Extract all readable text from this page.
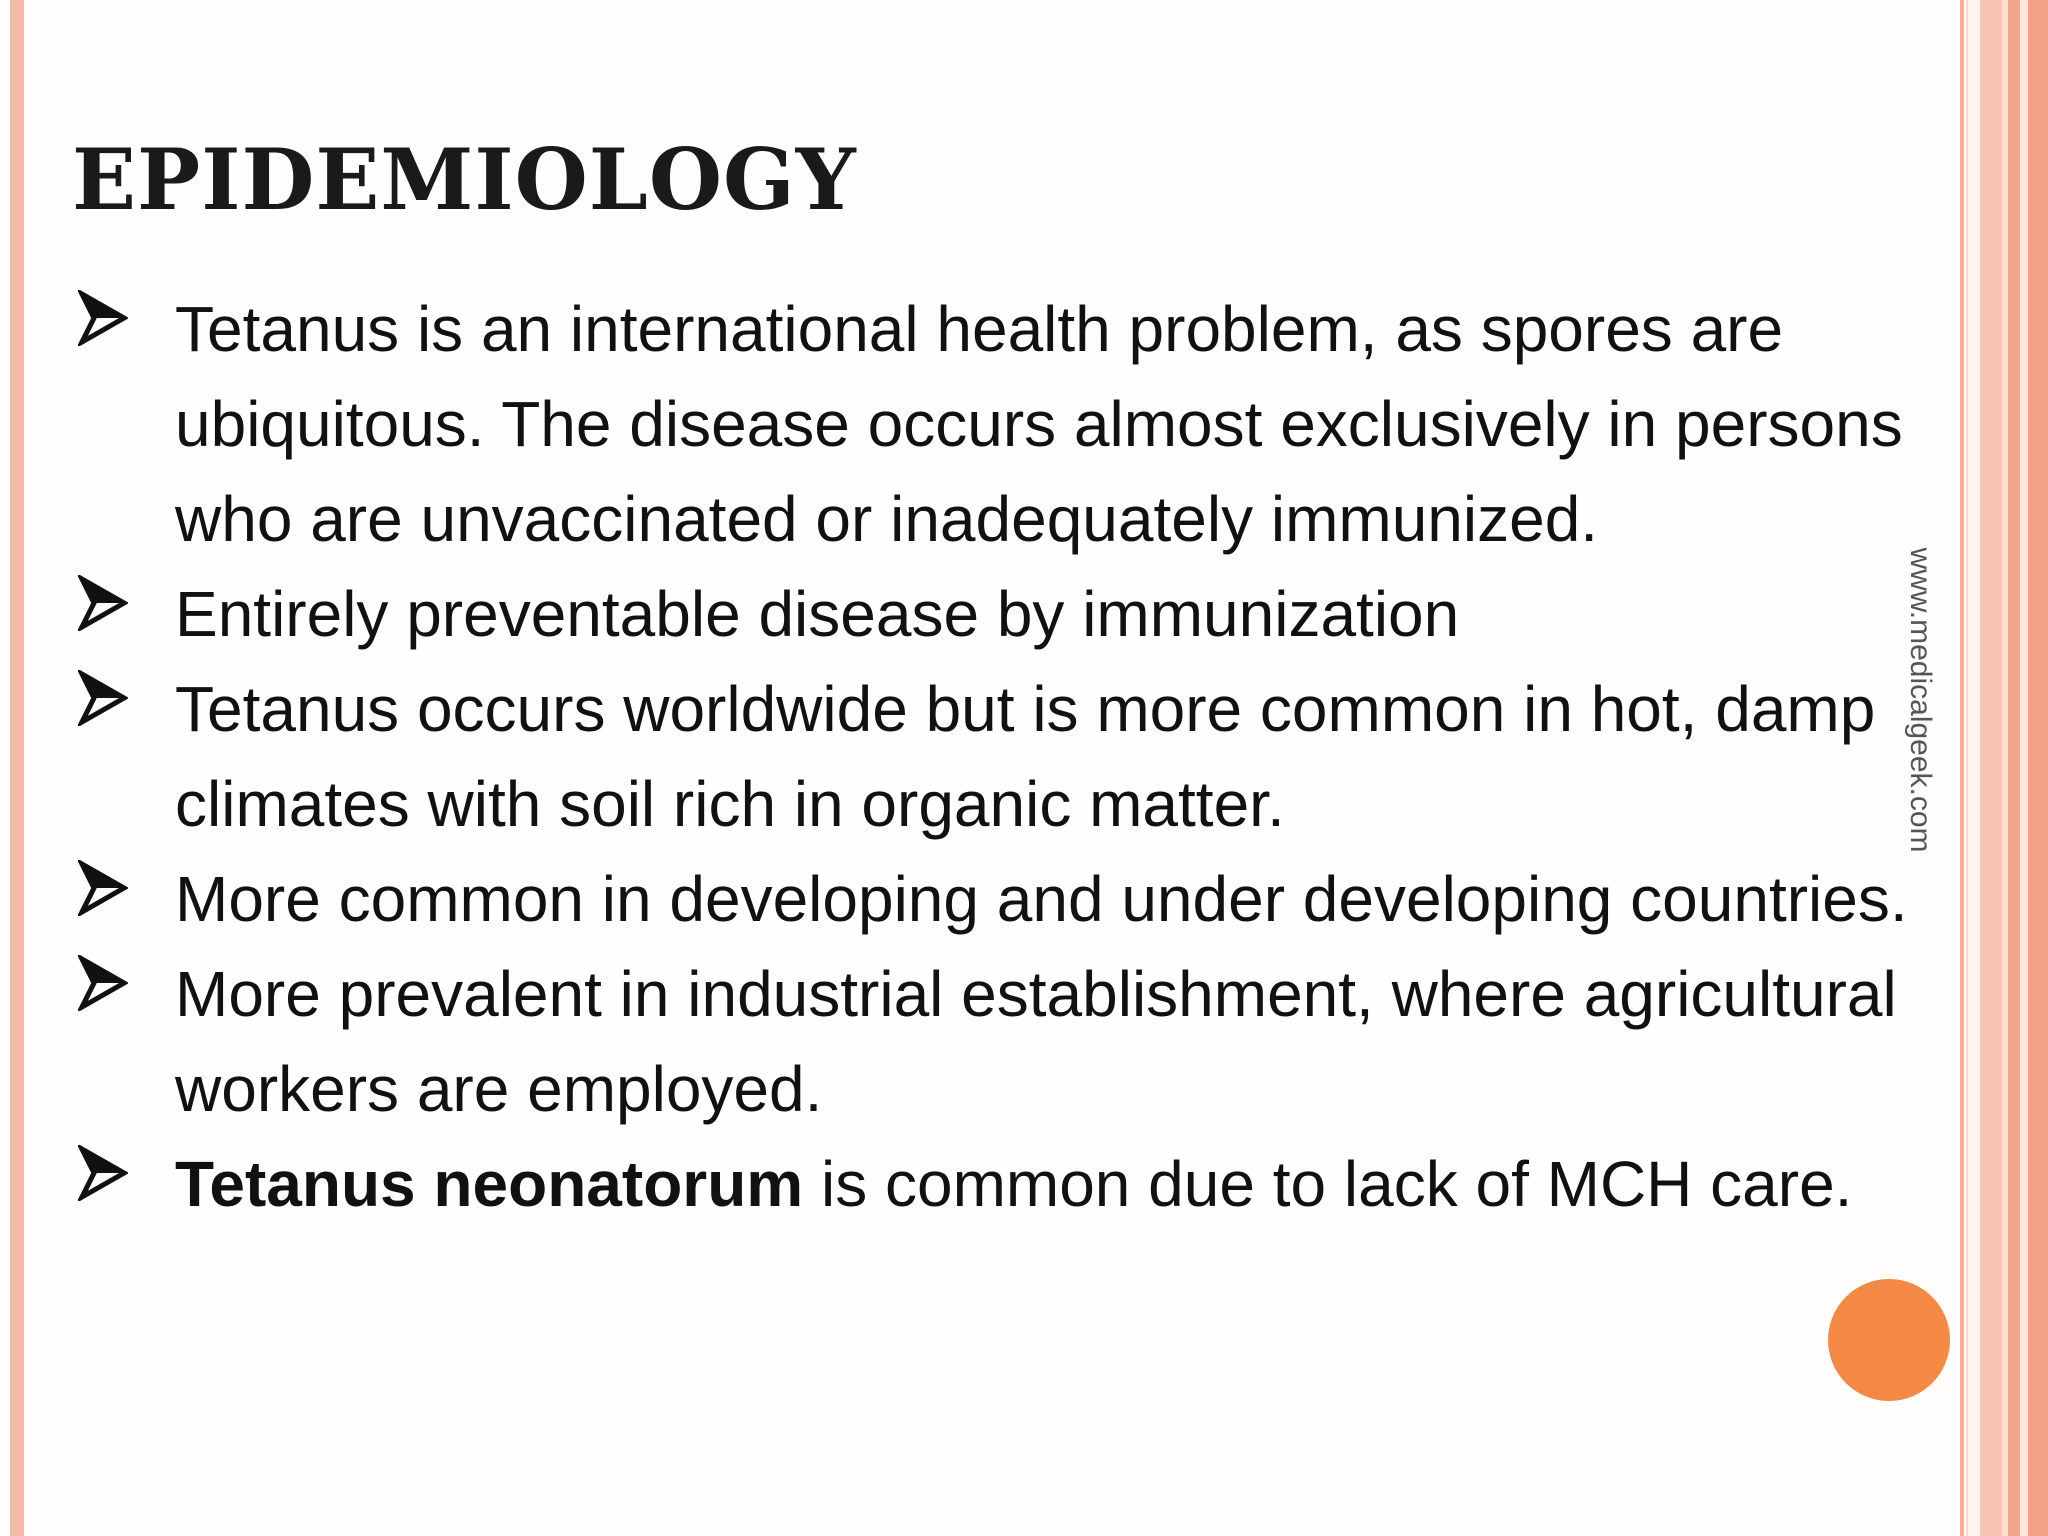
EPIDEMIOLOGY
Tetanus is an international health problem, as spores are ubiquitous. The disease occurs almost exclusively in persons who are unvaccinated or inadequately immunized.
Entirely preventable disease by immunization
Tetanus occurs worldwide but is more common in hot, damp climates with soil rich in organic matter.
More common in developing and under developing countries.
More prevalent in industrial establishment, where agricultural workers are employed.
Tetanus neonatorum is common due to lack of MCH care.
www.medicalgeek.com
